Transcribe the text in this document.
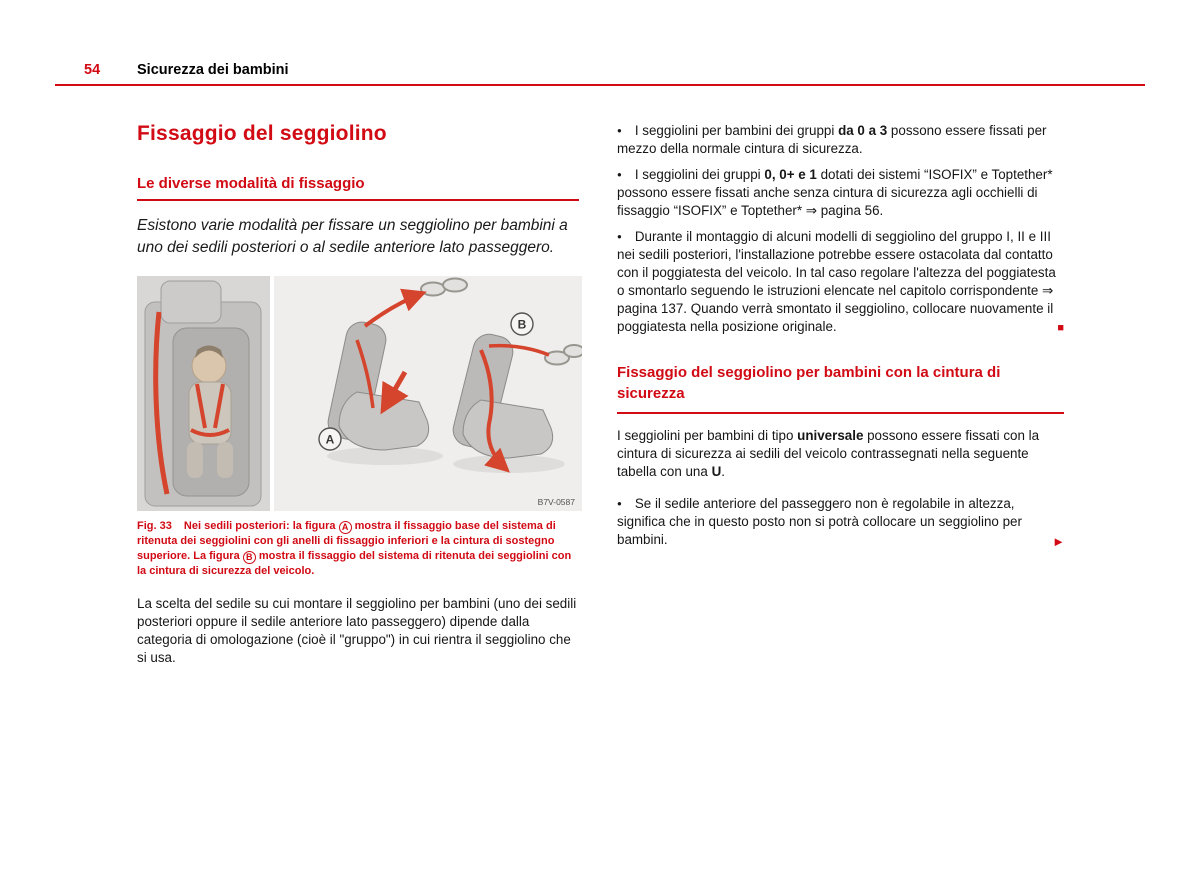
54	Sicurezza dei bambini
Fissaggio del seggiolino
Le diverse modalità di fissaggio

Esistono varie modalità per fissare un seggiolino per bambini a uno dei sedili posteriori o al sedile anteriore lato passeggero.

A
B
B7V-0587

Fig. 33 Nei sedili posteriori: la figura A mostra il fissaggio base del sistema di ritenuta dei seggiolini con gli anelli di fissaggio inferiori e la cintura di sostegno superiore. La figura B mostra il fissaggio del sistema di ritenuta dei seggiolini con la cintura di sicurezza del veicolo.

La scelta del sedile su cui montare il seggiolino per bambini (uno dei sedili posteriori oppure il sedile anteriore lato passeggero) dipende dalla categoria di omologazione (cioè il "gruppo") in cui rientra il seggiolino che si usa.

● I seggiolini per bambini dei gruppi da 0 a 3 possono essere fissati per mezzo della normale cintura di sicurezza.

● I seggiolini dei gruppi 0, 0+ e 1 dotati dei sistemi “ISOFIX” e Toptether* possono essere fissati anche senza cintura di sicurezza agli occhielli di fissaggio “ISOFIX” e Toptether* ⇒ pagina 56.

● Durante il montaggio di alcuni modelli di seggiolino del gruppo I, II e III nei sedili posteriori, l'installazione potrebbe essere ostacolata dal contatto con il poggiatesta del veicolo. In tal caso regolare l'altezza del poggiatesta o smontarlo seguendo le istruzioni elencate nel capitolo corrispondente ⇒ pagina 137. Quando verrà smontato il seggiolino, collocare nuovamente il poggiatesta nella posizione originale.	■

Fissaggio del seggiolino per bambini con la cintura di sicurezza

I seggiolini per bambini di tipo universale possono essere fissati con la cintura di sicurezza ai sedili del veicolo contrassegnati nella seguente tabella con una U.

● Se il sedile anteriore del passeggero non è regolabile in altezza, significa che in questo posto non si potrà collocare un seggiolino per bambini.	►
